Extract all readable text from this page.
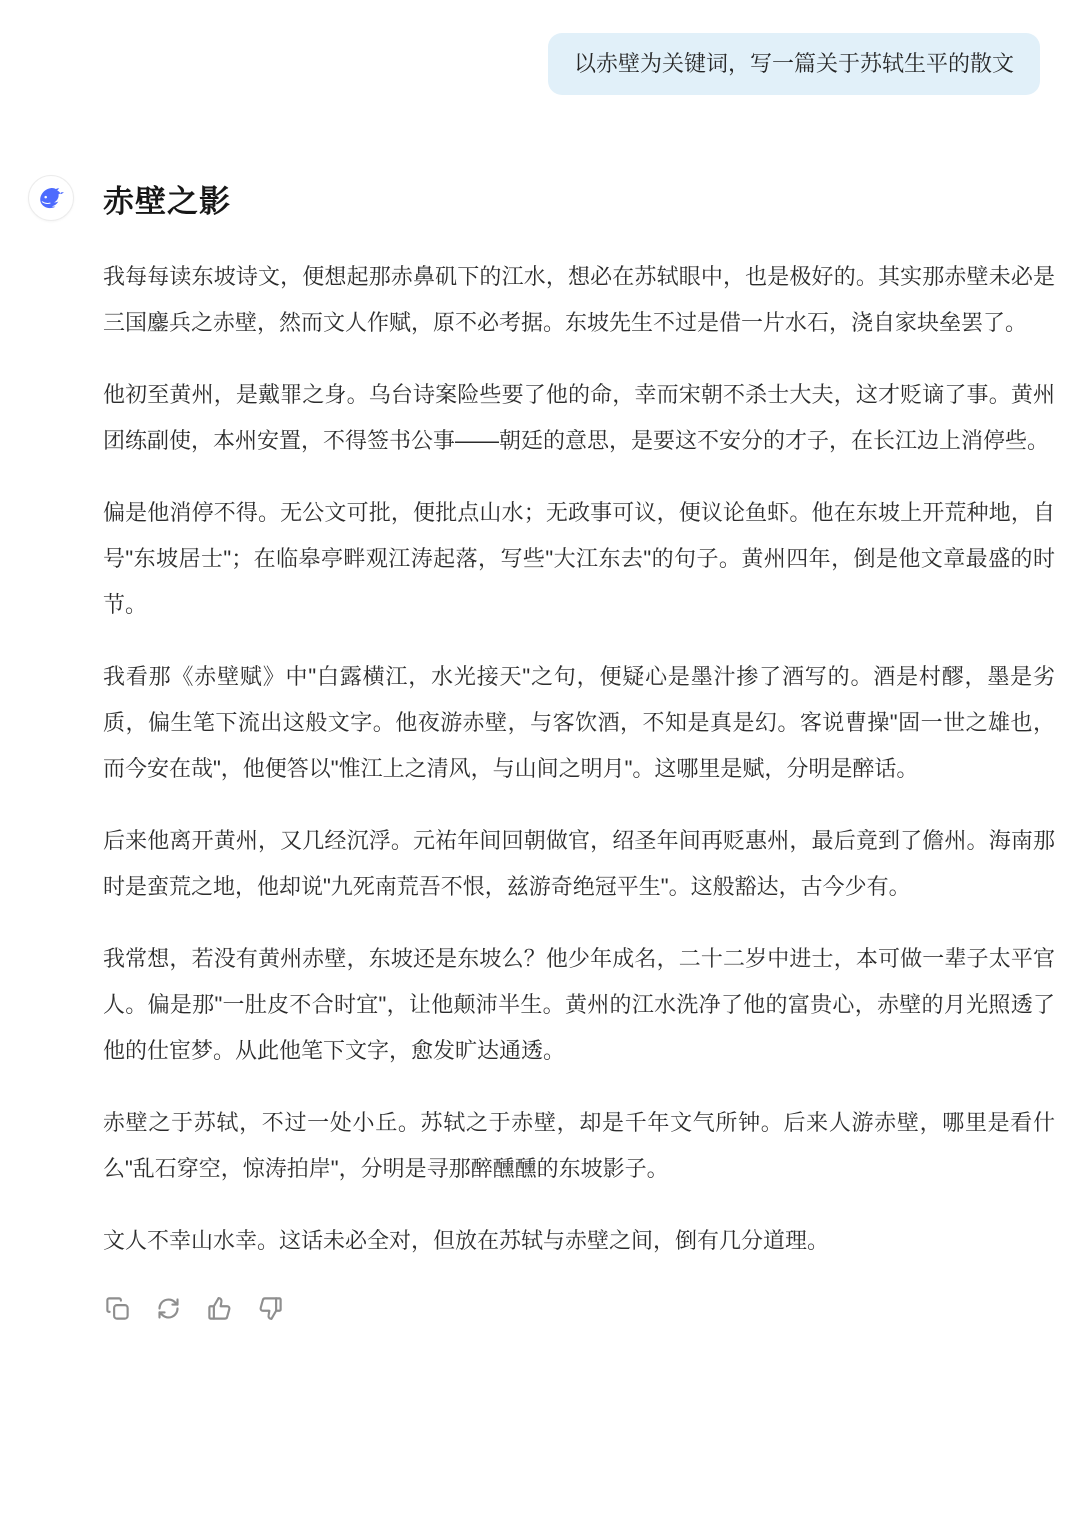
以赤壁为关键词，写一篇关于苏轼生平的散文
赤壁之影

我每每读东坡诗文，便想起那赤鼻矶下的江水，想必在苏轼眼中，也是极好的。其实那赤壁未必是三国鏖兵之赤壁，然而文人作赋，原不必考据。东坡先生不过是借一片水石，浇自家块垒罢了。

他初至黄州，是戴罪之身。乌台诗案险些要了他的命，幸而宋朝不杀士大夫，这才贬谪了事。黄州团练副使，本州安置，不得签书公事——朝廷的意思，是要这不安分的才子，在长江边上消停些。

偏是他消停不得。无公文可批，便批点山水；无政事可议，便议论鱼虾。他在东坡上开荒种地，自号"东坡居士"；在临皋亭畔观江涛起落，写些"大江东去"的句子。黄州四年，倒是他文章最盛的时节。

我看那《赤壁赋》中"白露横江，水光接天"之句，便疑心是墨汁掺了酒写的。酒是村醪，墨是劣质，偏生笔下流出这般文字。他夜游赤壁，与客饮酒，不知是真是幻。客说曹操"固一世之雄也，而今安在哉"，他便答以"惟江上之清风，与山间之明月"。这哪里是赋，分明是醉话。

后来他离开黄州，又几经沉浮。元祐年间回朝做官，绍圣年间再贬惠州，最后竟到了儋州。海南那时是蛮荒之地，他却说"九死南荒吾不恨，兹游奇绝冠平生"。这般豁达，古今少有。

我常想，若没有黄州赤壁，东坡还是东坡么？他少年成名，二十二岁中进士，本可做一辈子太平官人。偏是那"一肚皮不合时宜"，让他颠沛半生。黄州的江水洗净了他的富贵心，赤壁的月光照透了他的仕宦梦。从此他笔下文字，愈发旷达通透。

赤壁之于苏轼，不过一处小丘。苏轼之于赤壁，却是千年文气所钟。后来人游赤壁，哪里是看什么"乱石穿空，惊涛拍岸"，分明是寻那醉醺醺的东坡影子。

文人不幸山水幸。这话未必全对，但放在苏轼与赤壁之间，倒有几分道理。
